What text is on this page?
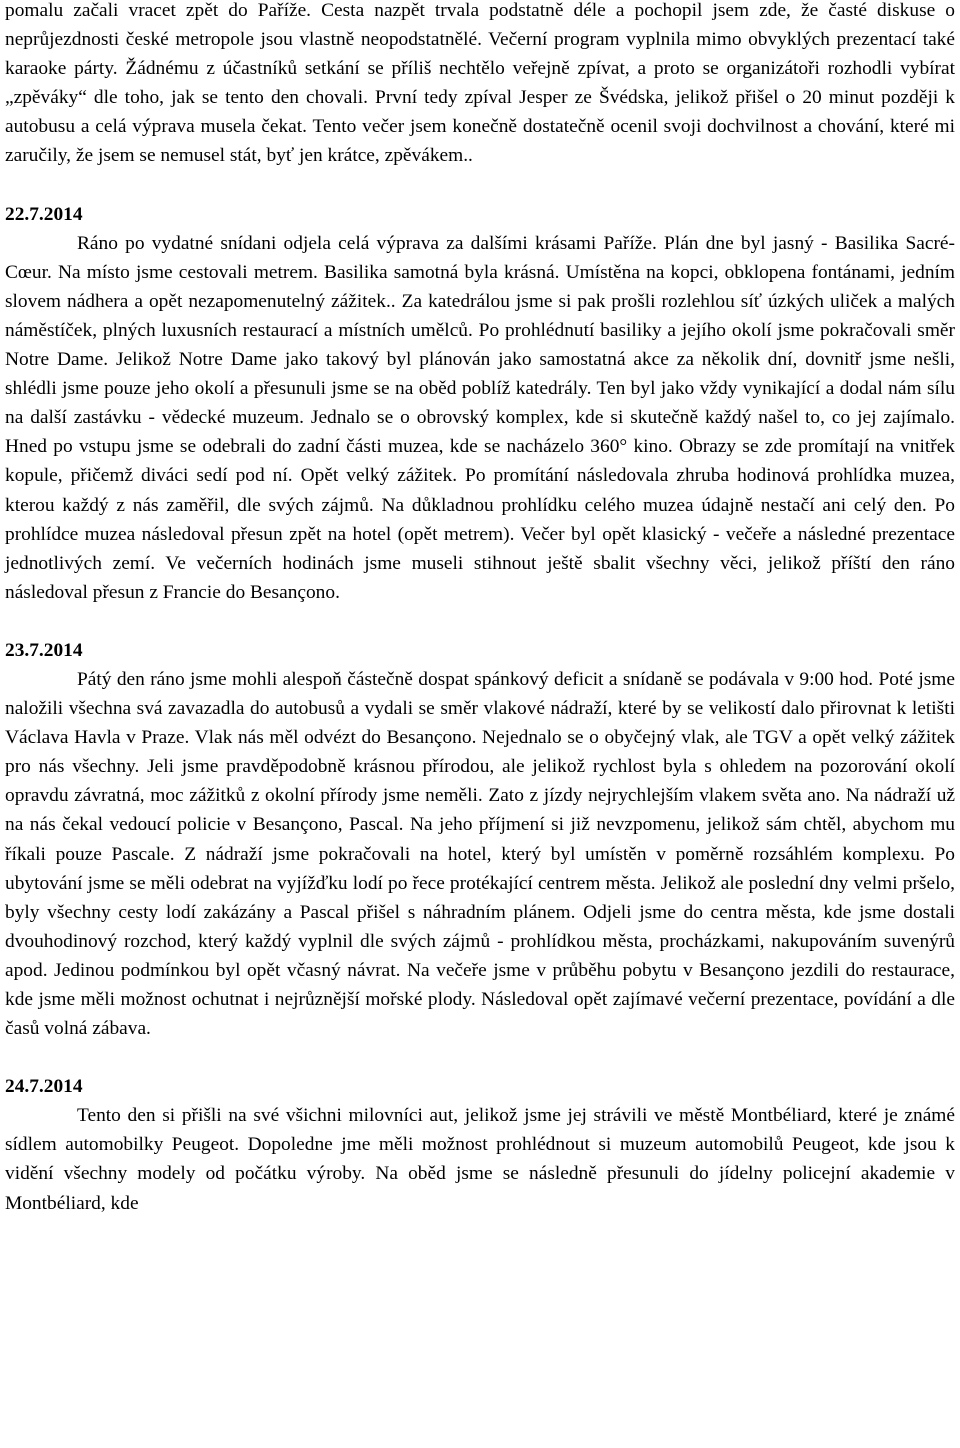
pomalu začali vracet zpět do Paříže. Cesta nazpět trvala podstatně déle a pochopil jsem zde, že časté diskuse o neprůjezdnosti české metropole jsou vlastně neopodstatnělé. Večerní program vyplnila mimo obvyklých prezentací také karaoke párty. Žádnému z účastníků setkání se příliš nechtělo veřejně zpívat, a proto se organizátoři rozhodli vybírat „zpěváky“ dle toho, jak se tento den chovali. První tedy zpíval Jesper ze Švédska, jelikož přišel o 20 minut později k autobusu a celá výprava musela čekat. Tento večer jsem konečně dostatečně ocenil svoji dochvilnost a chování, které mi zaručily, že jsem se nemusel stát, byť jen krátce, zpěvákem..

22.7.2014

Ráno po vydatné snídani odjela celá výprava za dalšími krásami Paříže. Plán dne byl jasný - Basilika Sacré-Cœur. Na místo jsme cestovali metrem. Basilika samotná byla krásná. Umístěna na kopci, obklopena fontánami, jedním slovem nádhera a opět nezapomenutelný zážitek.. Za katedrálou jsme si pak prošli rozlehlou síť úzkých uliček a malých náměstíček, plných luxusních restaurací a místních umělců. Po prohlédnutí basiliky a jejího okolí jsme pokračovali směr Notre Dame. Jelikož Notre Dame jako takový byl plánován jako samostatná akce za několik dní, dovnitř jsme nešli, shlédli jsme pouze jeho okolí a přesunuli jsme se na oběd poblíž katedrály. Ten byl jako vždy vynikající a dodal nám sílu na další zastávku - vědecké muzeum. Jednalo se o obrovský komplex, kde si skutečně každý našel to, co jej zajímalo. Hned po vstupu jsme se odebrali do zadní části muzea, kde se nacházelo 360° kino. Obrazy se zde promítají na vnitřek kopule, přičemž diváci sedí pod ní. Opět velký zážitek. Po promítání následovala zhruba hodinová prohlídka muzea, kterou každý z nás zaměřil, dle svých zájmů. Na důkladnou prohlídku celého muzea údajně nestačí ani celý den. Po prohlídce muzea následoval přesun zpět na hotel (opět metrem). Večer byl opět klasický - večeře a následné prezentace jednotlivých zemí. Ve večerních hodinách jsme museli stihnout ještě sbalit všechny věci, jelikož příští den ráno následoval přesun z Francie do Besançono.

23.7.2014

Pátý den ráno jsme mohli alespoň částečně dospat spánkový deficit a snídaně se podávala v 9:00 hod. Poté jsme naložili všechna svá zavazadla do autobusů a vydali se směr vlakové nádraží, které by se velikostí dalo přirovnat k letišti Václava Havla v Praze. Vlak nás měl odvézt do Besançono. Nejednalo se o obyčejný vlak, ale TGV a opět velký zážitek pro nás všechny. Jeli jsme pravděpodobně krásnou přírodou, ale jelikož rychlost byla s ohledem na pozorování okolí opravdu závratná, moc zážitků z okolní přírody jsme neměli. Zato z jízdy nejrychlejším vlakem světa ano. Na nádraží už na nás čekal vedoucí policie v Besançono, Pascal. Na jeho příjmení si již nevzpomenu, jelikož sám chtěl, abychom mu říkali pouze Pascale. Z nádraží jsme pokračovali na hotel, který byl umístěn v poměrně rozsáhlém komplexu. Po ubytování jsme se měli odebrat na vyjížďku lodí po řece protékající centrem města. Jelikož ale poslední dny velmi pršelo, byly všechny cesty lodí zakázány a Pascal přišel s náhradním plánem. Odjeli jsme do centra města, kde jsme dostali dvouhodinový rozchod, který každý vyplnil dle svých zájmů - prohlídkou města, procházkami, nakupováním suvenýrů apod. Jedinou podmínkou byl opět včasný návrat. Na večeře jsme v průběhu pobytu v Besançono jezdili do restaurace, kde jsme měli možnost ochutnat i nejrůznější mořské plody. Následoval opět zajímavé večerní prezentace, povídání a dle časů volná zábava.

24.7.2014

Tento den si přišli na své všichni milovníci aut, jelikož jsme jej strávili ve městě Montbéliard, které je známé sídlem automobilky Peugeot. Dopoledne jme měli možnost prohlédnout si muzeum automobilů Peugeot, kde jsou k vidění všechny modely od počátku výroby. Na oběd jsme se následně přesunuli do jídelny policejní akademie v Montbéliard, kde
